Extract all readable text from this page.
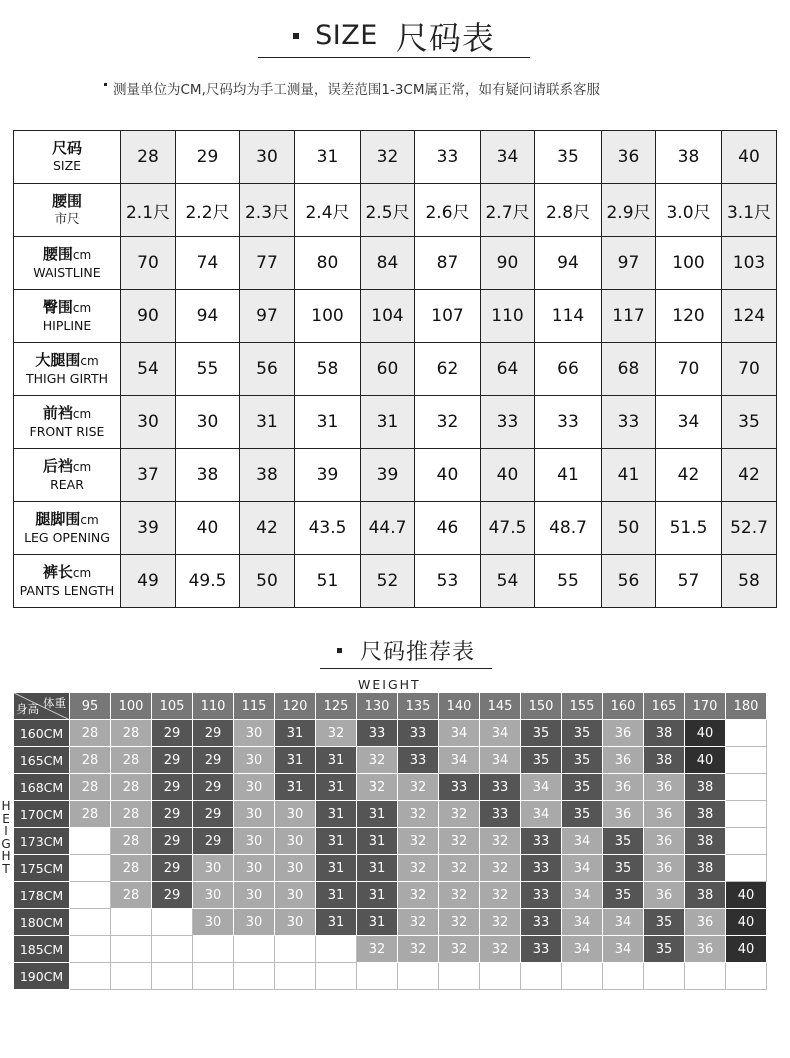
SIZE 尺码表
测量单位为CM,尺码均为手工测量，误差范围1-3CM属正常，如有疑问请联系客服
尺码
SIZE	28	29	30	31	32	33	34	35	36	38	40
腰围
市尺	2.1尺	2.2尺	2.3尺	2.4尺	2.5尺	2.6尺	2.7尺	2.8尺	2.9尺	3.0尺	3.1尺
腰围cm
WAISTLINE	70	74	77	80	84	87	90	94	97	100	103
臀围cm
HIPLINE	90	94	97	100	104	107	110	114	117	120	124
大腿围cm
THIGH GIRTH	54	55	56	58	60	62	64	66	68	70	70
前裆cm
FRONT RISE	30	30	31	31	31	32	33	33	33	34	35
后裆cm
REAR	37	38	38	39	39	40	40	41	41	42	42
腿脚围cm
LEG OPENING	39	40	42	43.5	44.7	46	47.5	48.7	50	51.5	52.7
裤长cm
PANTS LENGTH	49	49.5	50	51	52	53	54	55	56	57	58
尺码推荐表
WEIGHT
H
E
I
G
H
T
体重
身高	95	100	105	110	115	120	125	130	135	140	145	150	155	160	165	170	180
160CM	28	28	29	29	30	31	32	33	33	34	34	35	35	36	38	40	
165CM	28	28	29	29	30	31	31	32	33	34	34	35	35	36	38	40	
168CM	28	28	29	29	30	31	31	32	32	33	33	34	35	36	36	38	
170CM	28	28	29	29	30	30	31	31	32	32	33	34	35	36	36	38	
173CM		28	29	29	30	30	31	31	32	32	32	33	34	35	36	38	
175CM		28	29	30	30	30	31	31	32	32	32	33	34	35	36	38	
178CM		28	29	30	30	30	31	31	32	32	32	33	34	35	36	38	40
180CM				30	30	30	31	31	32	32	32	33	34	34	35	36	40
185CM								32	32	32	32	33	34	34	35	36	40
190CM																	
